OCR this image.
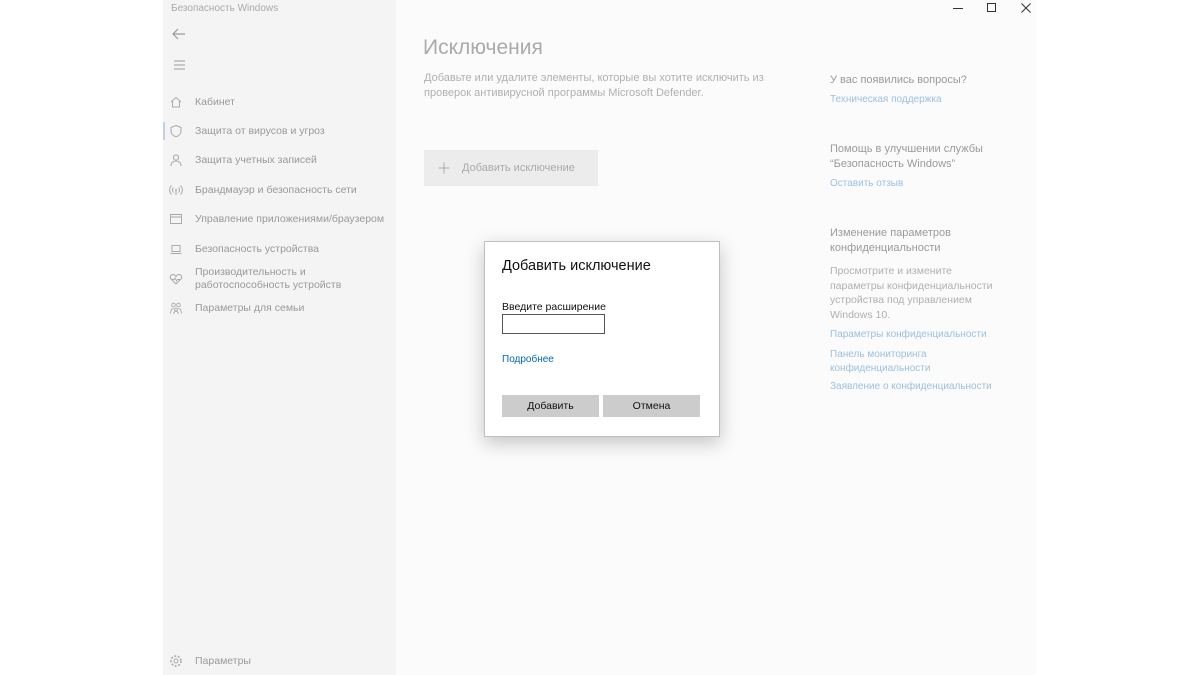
Безопасность Windows
Кабинет
Защита от вирусов и угроз
Защита учетных записей
Брандмауэр и безопасность сети
Управление приложениями/браузером
Безопасность устройства
Производительность и работоспособность устройств
Параметры для семьи
Параметры
Исключения
Добавьте или удалите элементы, которые вы хотите исключить из проверок антивирусной программы Microsoft Defender.
Добавить исключение
У вас появились вопросы?
Техническая поддержка
Помощь в улучшении службы “Безопасность Windows”
Оставить отзыв
Изменение параметров конфиденциальности
Просмотрите и измените параметры конфиденциальности устройства под управлением Windows 10.
Параметры конфиденциальности
Панель мониторинга конфиденциальности
Заявление о конфиденциальности
Добавить исключение
Введите расширение
Подробнее
Добавить	Отмена
